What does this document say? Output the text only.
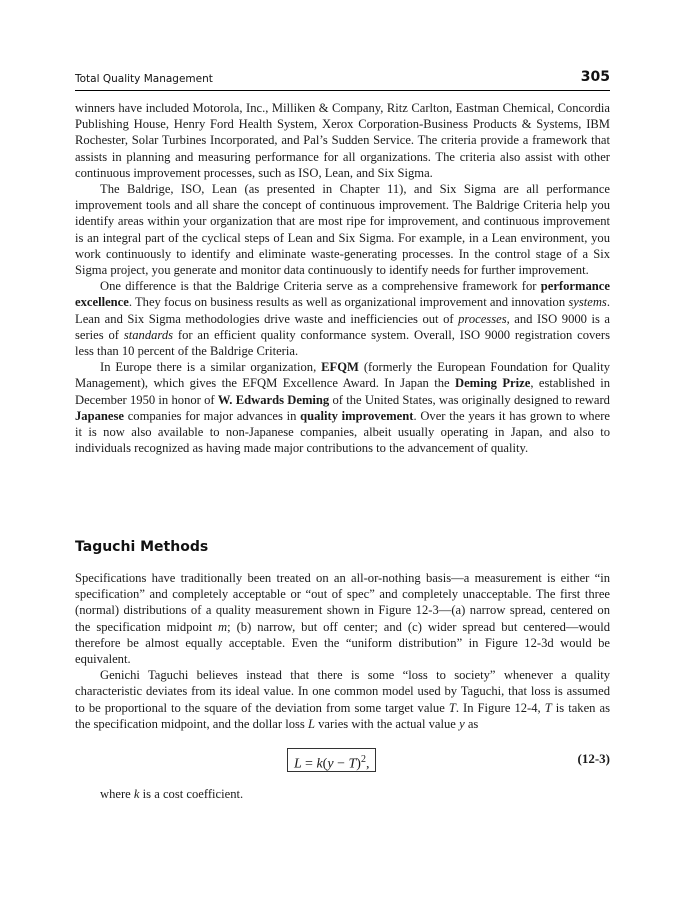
Total Quality Management	305

winners have included Motorola, Inc., Milliken & Company, Ritz Carlton, Eastman Chemical, Concordia Publishing House, Henry Ford Health System, Xerox Corporation-Business Products & Systems, IBM Rochester, Solar Turbines Incorporated, and Pal’s Sudden Service. The criteria provide a framework that assists in planning and measuring performance for all organizations. The criteria also assist with other continuous improvement processes, such as ISO, Lean, and Six Sigma.

The Baldrige, ISO, Lean (as presented in Chapter 11), and Six Sigma are all performance improvement tools and all share the concept of continuous improvement. The Baldrige Criteria help you identify areas within your organization that are most ripe for improvement, and continuous improvement is an integral part of the cyclical steps of Lean and Six Sigma. For example, in a Lean environment, you work continuously to identify and eliminate waste-generating processes. In the control stage of a Six Sigma project, you generate and monitor data continuously to identify needs for further improvement.

One difference is that the Baldrige Criteria serve as a comprehensive framework for performance excellence. They focus on business results as well as organizational improvement and innovation systems. Lean and Six Sigma methodologies drive waste and inefficiencies out of processes, and ISO 9000 is a series of standards for an efficient quality conformance system. Overall, ISO 9000 registration covers less than 10 percent of the Baldrige Criteria.

In Europe there is a similar organization, EFQM (formerly the European Foundation for Quality Management), which gives the EFQM Excellence Award. In Japan the Deming Prize, established in December 1950 in honor of W. Edwards Deming of the United States, was originally designed to reward Japanese companies for major advances in quality improvement. Over the years it has grown to where it is now also available to non-Japanese companies, albeit usually operating in Japan, and also to individuals recognized as having made major contributions to the advancement of quality.

Taguchi Methods

Specifications have traditionally been treated on an all-or-nothing basis—a measurement is either “in specification” and completely acceptable or “out of spec” and completely unacceptable. The first three (normal) distributions of a quality measurement shown in Figure 12-3—(a) narrow spread, centered on the specification midpoint m; (b) narrow, but off center; and (c) wider spread but centered—would therefore be almost equally acceptable. Even the “uniform distribution” in Figure 12-3d would be equivalent.

Genichi Taguchi believes instead that there is some “loss to society” whenever a quality characteristic deviates from its ideal value. In one common model used by Taguchi, that loss is assumed to be proportional to the square of the deviation from some target value T. In Figure 12-4, T is taken as the specification midpoint, and the dollar loss L varies with the actual value y as

$L = k(y - T)^2$,	(12-3)

where k is a cost coefficient.
